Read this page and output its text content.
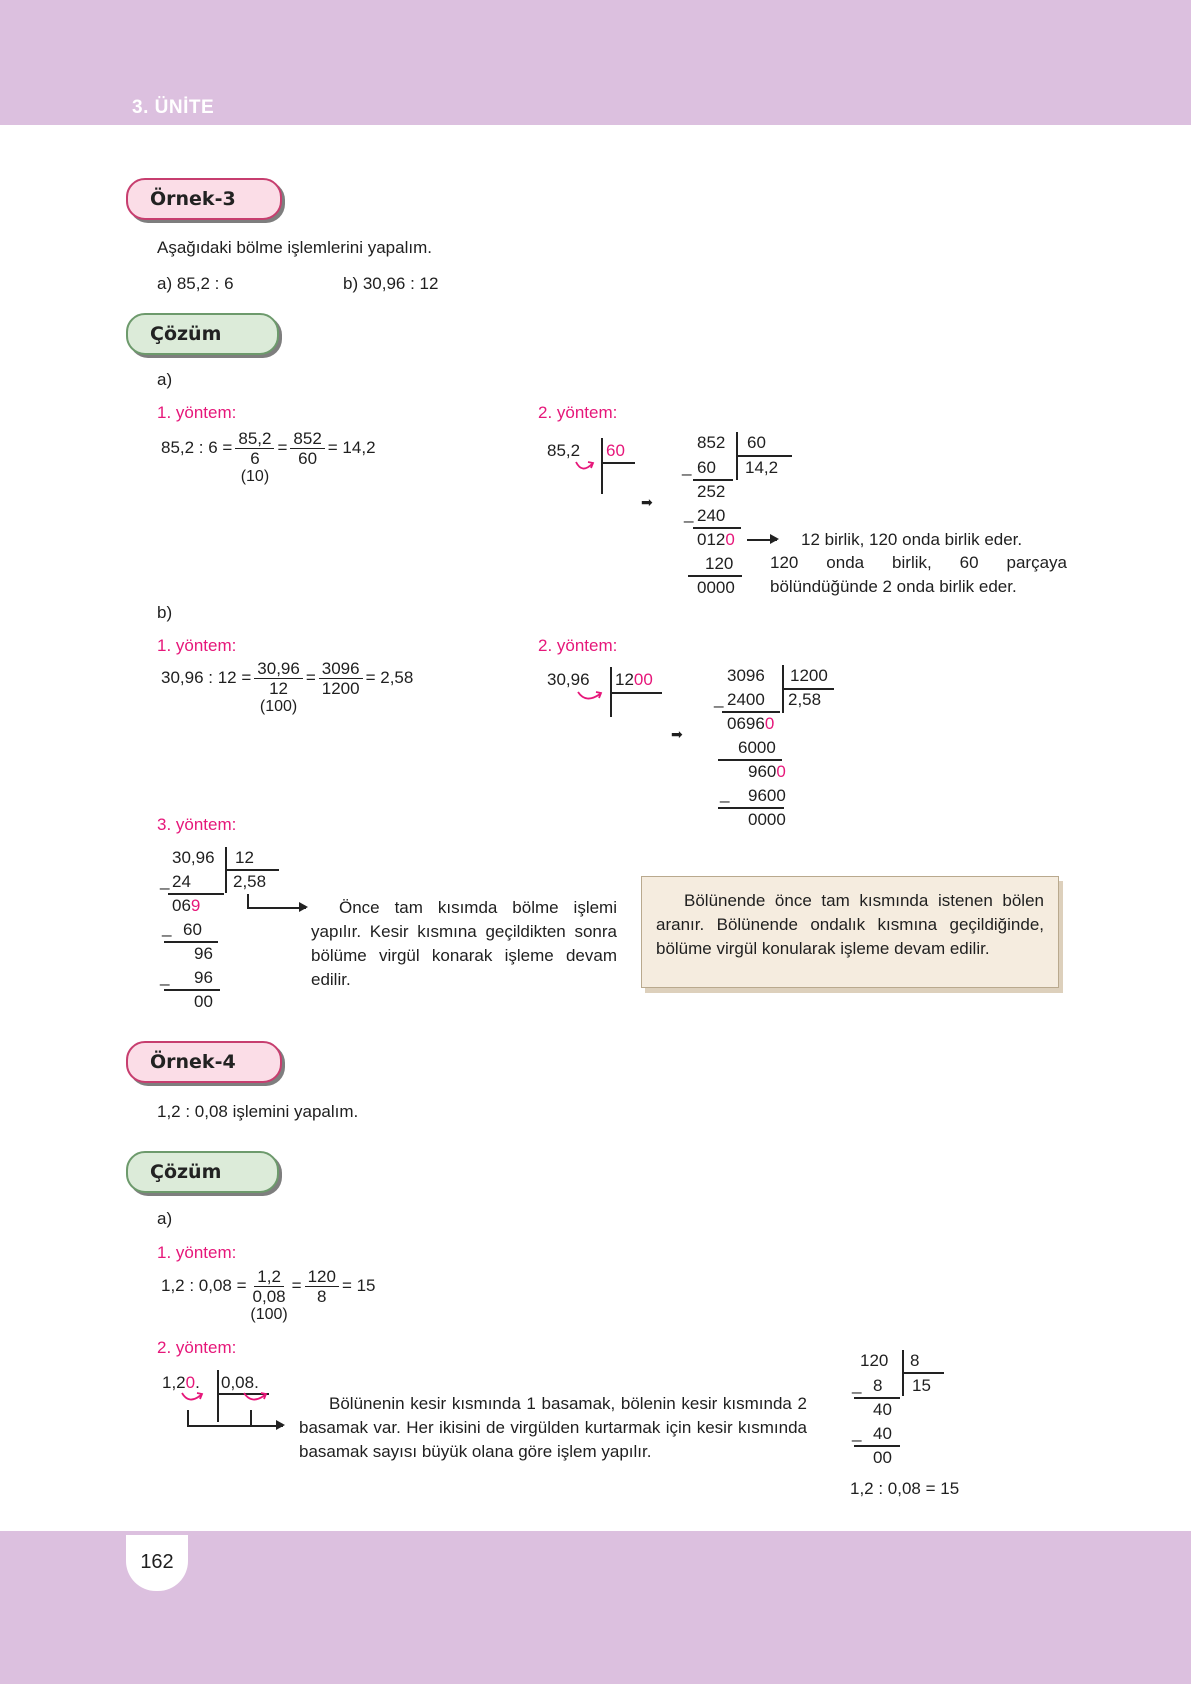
3. ÜNİTE
162
Örnek-3
Aşağıdaki bölme işlemlerini yapalım.
a) 85,2 : 6	b) 30,96 : 12
Çözüm
a)
1. yöntem:	2. yöntem:
85,2 : 6 = 85,2
6
(10)
= $\frac{852}{60} = 14,2$	85,2 60
➡
852 60
_ 60 14,2
252
_ 240
0120
120
0000
12 birlik, 120 onda birlik eder.
120 onda birlik, 60 parçaya bölündüğünde 2 onda birlik eder.
b)
1. yöntem:	2. yöntem:
30,96 : 12 = 30,96
12
(100)
= $\frac{3096}{1200} = 2,58$	30,96 1200
➡
3096 1200
_ 2400 2,58
06960
6000
9600
_ 9600
0000
3. yöntem:
30,96 12
_ 24 2,58
069
_ 60
96
_ 96
00
Önce tam kısımda bölme işlemi yapılır. Kesir kısmına geçildikten sonra bölüme virgül konarak işleme devam edilir.
Bölünende önce tam kısmında istenen bölen aranır. Bölünende ondalık kısmına geçildiğinde, bölüme virgül konularak işleme devam edilir.
Örnek-4
1,2 : 0,08 işlemini yapalım.
Çözüm
a)
1. yöntem:
1,2 : 0,08 = 1,2
0,08
(100)
= $\frac{120}{8} = 15$
2. yöntem:
1,20. 0,08.
Bölünenin kesir kısmında 1 basamak, bölenin kesir kısmında 2 basamak var. Her ikisini de virgülden kurtarmak için kesir kısmında basamak sayısı büyük olana göre işlem yapılır.
120 8
_ 8 15
40
_ 40
00
1,2 : 0,08 = 15
